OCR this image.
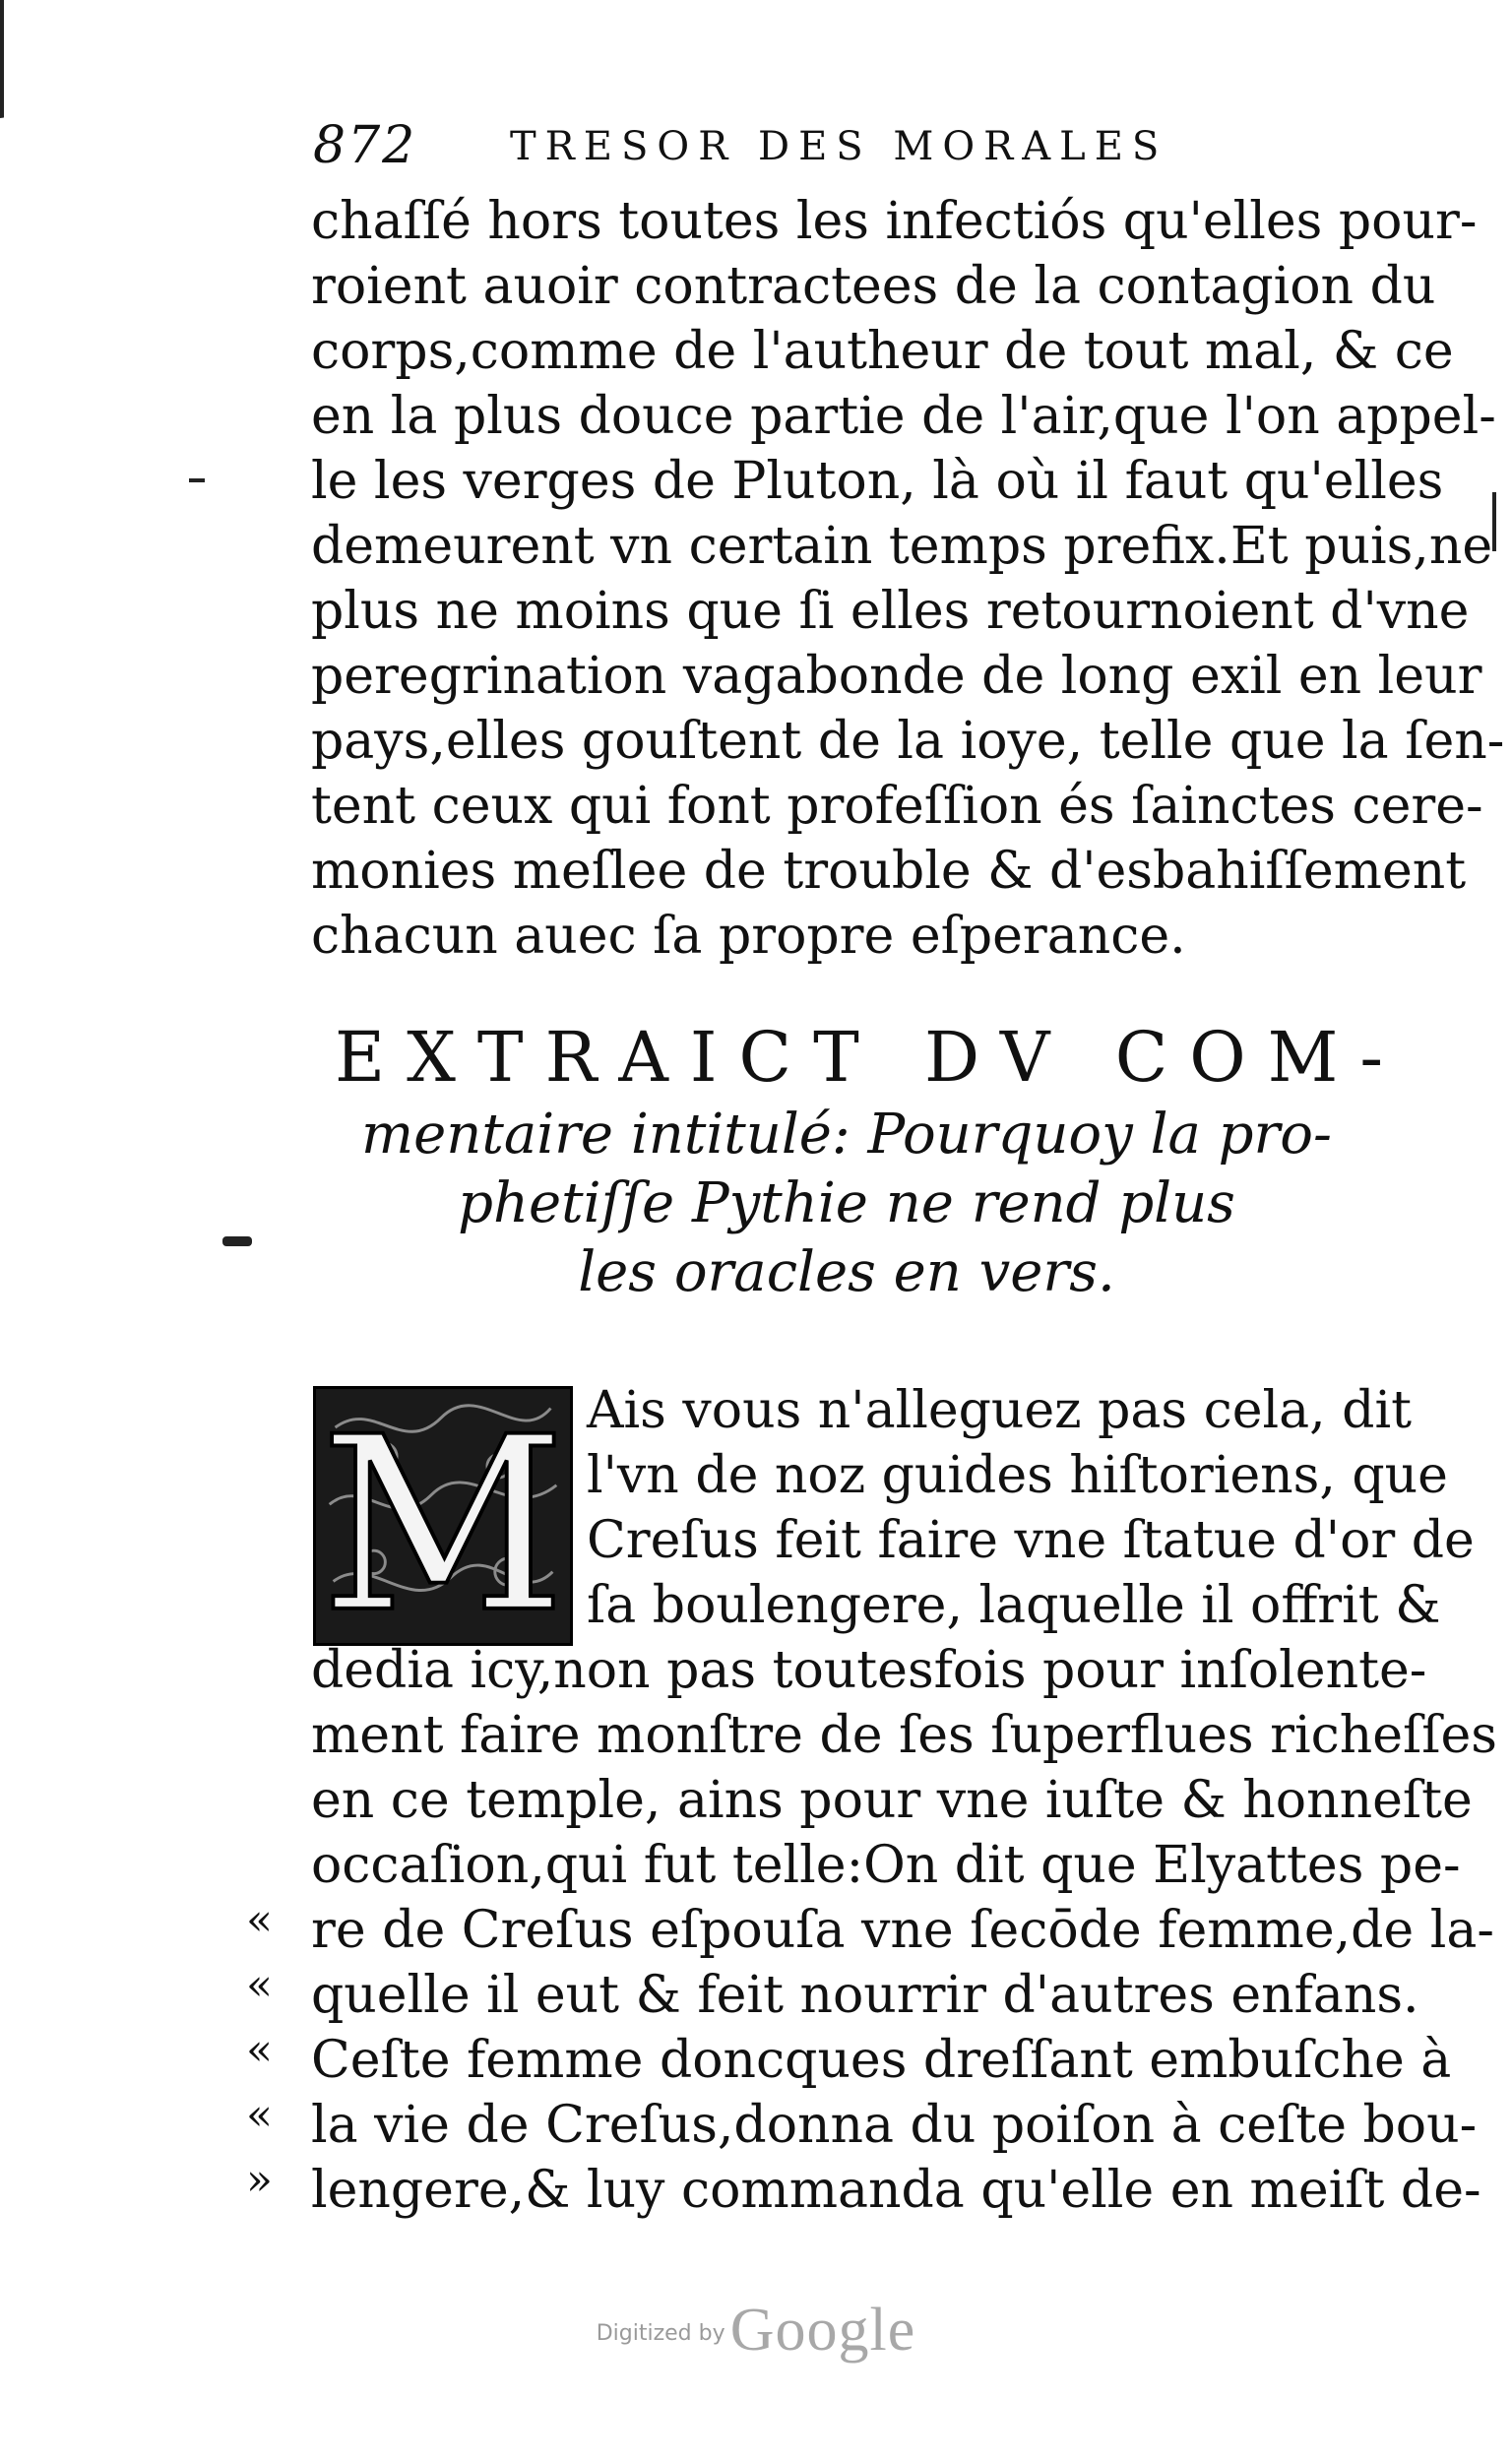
872 TRESOR DES MORALES
chaſſé hors toutes les infectiós qu'elles pour-
roient auoir contractees de la contagion du
corps,comme de l'autheur de tout mal, & ce
en la plus douce partie de l'air,que l'on appel-
le les verges de Pluton, là où il faut qu'elles
demeurent vn certain temps prefix.Et puis,ne
plus ne moins que ſi elles retournoient d'vne
peregrination vagabonde de long exil en leur
pays,elles gouſtent de la ioye, telle que la ſen-
tent ceux qui font profeſſion és ſainctes cere-
monies meſlee de trouble & d'esbahiſſement
chacun auec ſa propre eſperance.
EXTRAICT DV COM-
mentaire intitulé: Pourquoy la pro-
phetiſſe Pythie ne rend plus
les oracles en vers.
M Ais vous n'alleguez pas cela, dit
l'vn de noz guides hiſtoriens, que
Creſus feit faire vne ſtatue d'or de
ſa boulengere, laquelle il offrit &
dedia icy,non pas toutesfois pour inſolente-
ment faire monſtre de ſes ſuperflues richeſſes
en ce temple, ains pour vne iuſte & honneſte
occaſion,qui fut telle:On dit que Elyattes pe-
re de Creſus eſpouſa vne ſecōde femme,de la-
quelle il eut & feit nourrir d'autres enfans.
Ceſte femme doncques dreſſant embuſche à
la vie de Creſus,donna du poiſon à ceſte bou-
lengere,& luy commanda qu'elle en meiſt de-
«
«
«
«
»
Digitized by Google
